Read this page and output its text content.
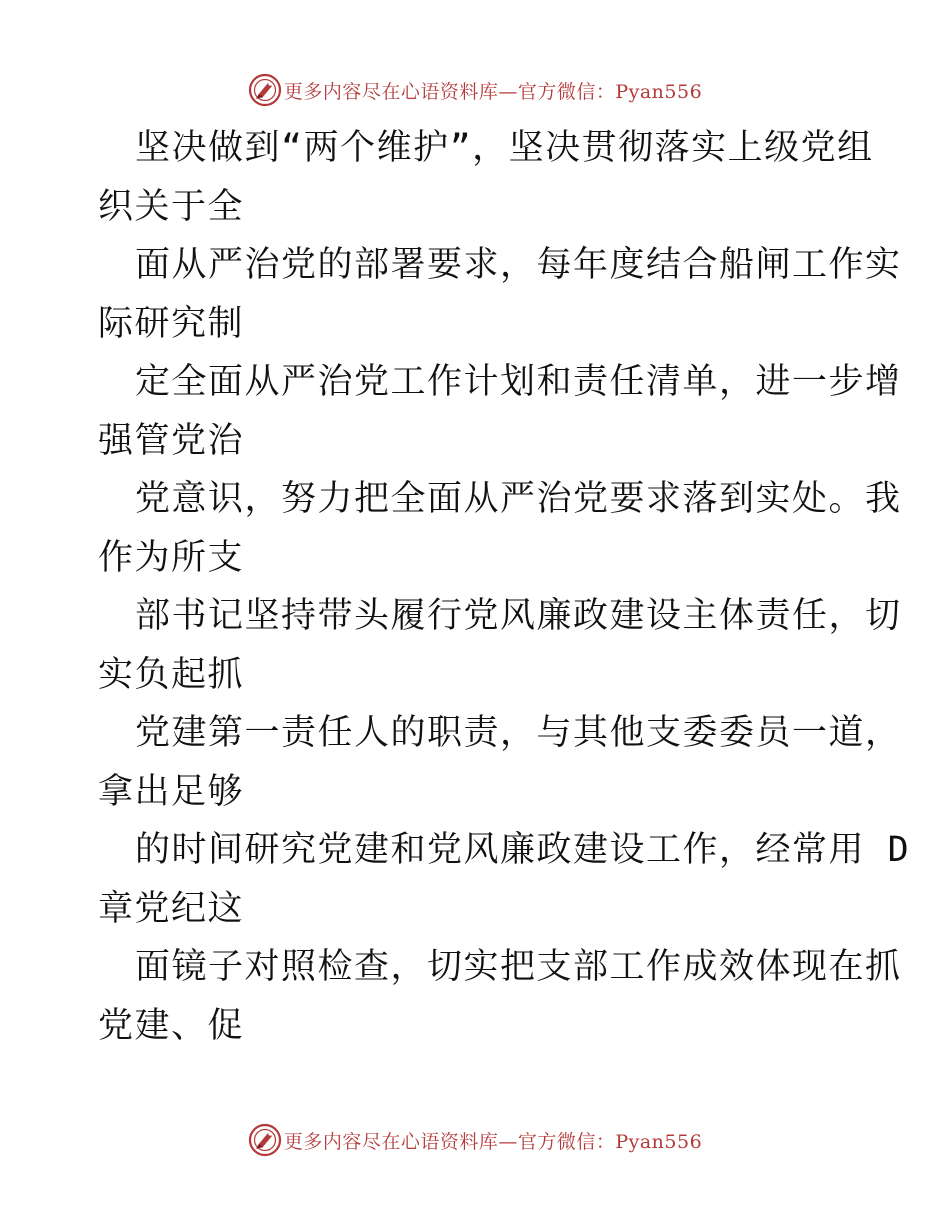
更多内容尽在心语资料库—官方微信：Pyan556
坚决做到“两个维护”，坚决贯彻落实上级党组
织关于全
面从严治党的部署要求，每年度结合船闸工作实
际研究制
定全面从严治党工作计划和责任清单，进一步增
强管党治
党意识，努力把全面从严治党要求落到实处。我
作为所支
部书记坚持带头履行党风廉政建设主体责任，切
实负起抓
党建第一责任人的职责，与其他支委委员一道，
拿出足够
的时间研究党建和党风廉政建设工作，经常用 D
章党纪这
面镜子对照检查，切实把支部工作成效体现在抓
党建、促
更多内容尽在心语资料库—官方微信：Pyan556
